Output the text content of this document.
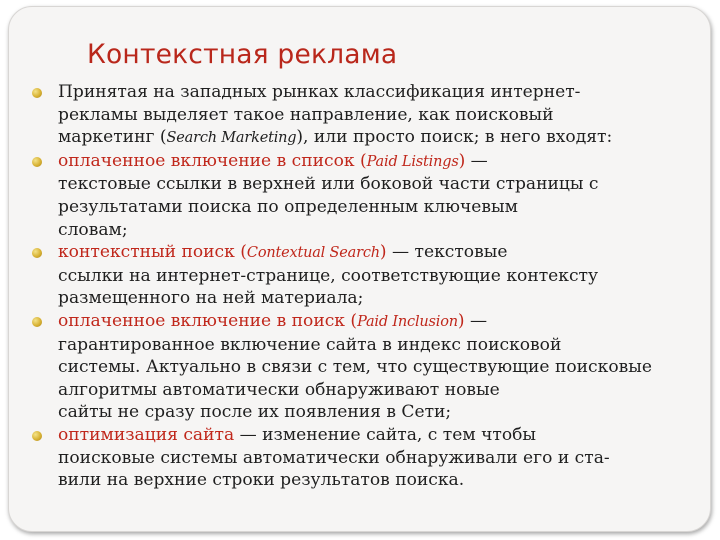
Контекстная реклама
Принятая на западных рынках классификация интернет-
рекламы выделяет такое направление, как поисковый
маркетинг (Search Marketing), или просто поиск; в него входят:
оплаченное включение в список (Paid Listings) —
текстовые ссылки в верхней или боковой части страницы с
результатами поиска по определенным ключевым
словам;
контекстный поиск (Contextual Search) — текстовые
ссылки на интернет-странице, соответствующие контексту
размещенного на ней материала;
оплаченное включение в поиск (Paid Inclusion) —
гарантированное включение сайта в индекс поисковой
системы. Актуально в связи с тем, что существующие поисковые
алгоритмы автоматически обнаруживают новые
сайты не сразу после их появления в Сети;
оптимизация сайта — изменение сайта, с тем чтобы
поисковые системы автоматически обнаруживали его и ста-
вили на верхние строки результатов поиска.
